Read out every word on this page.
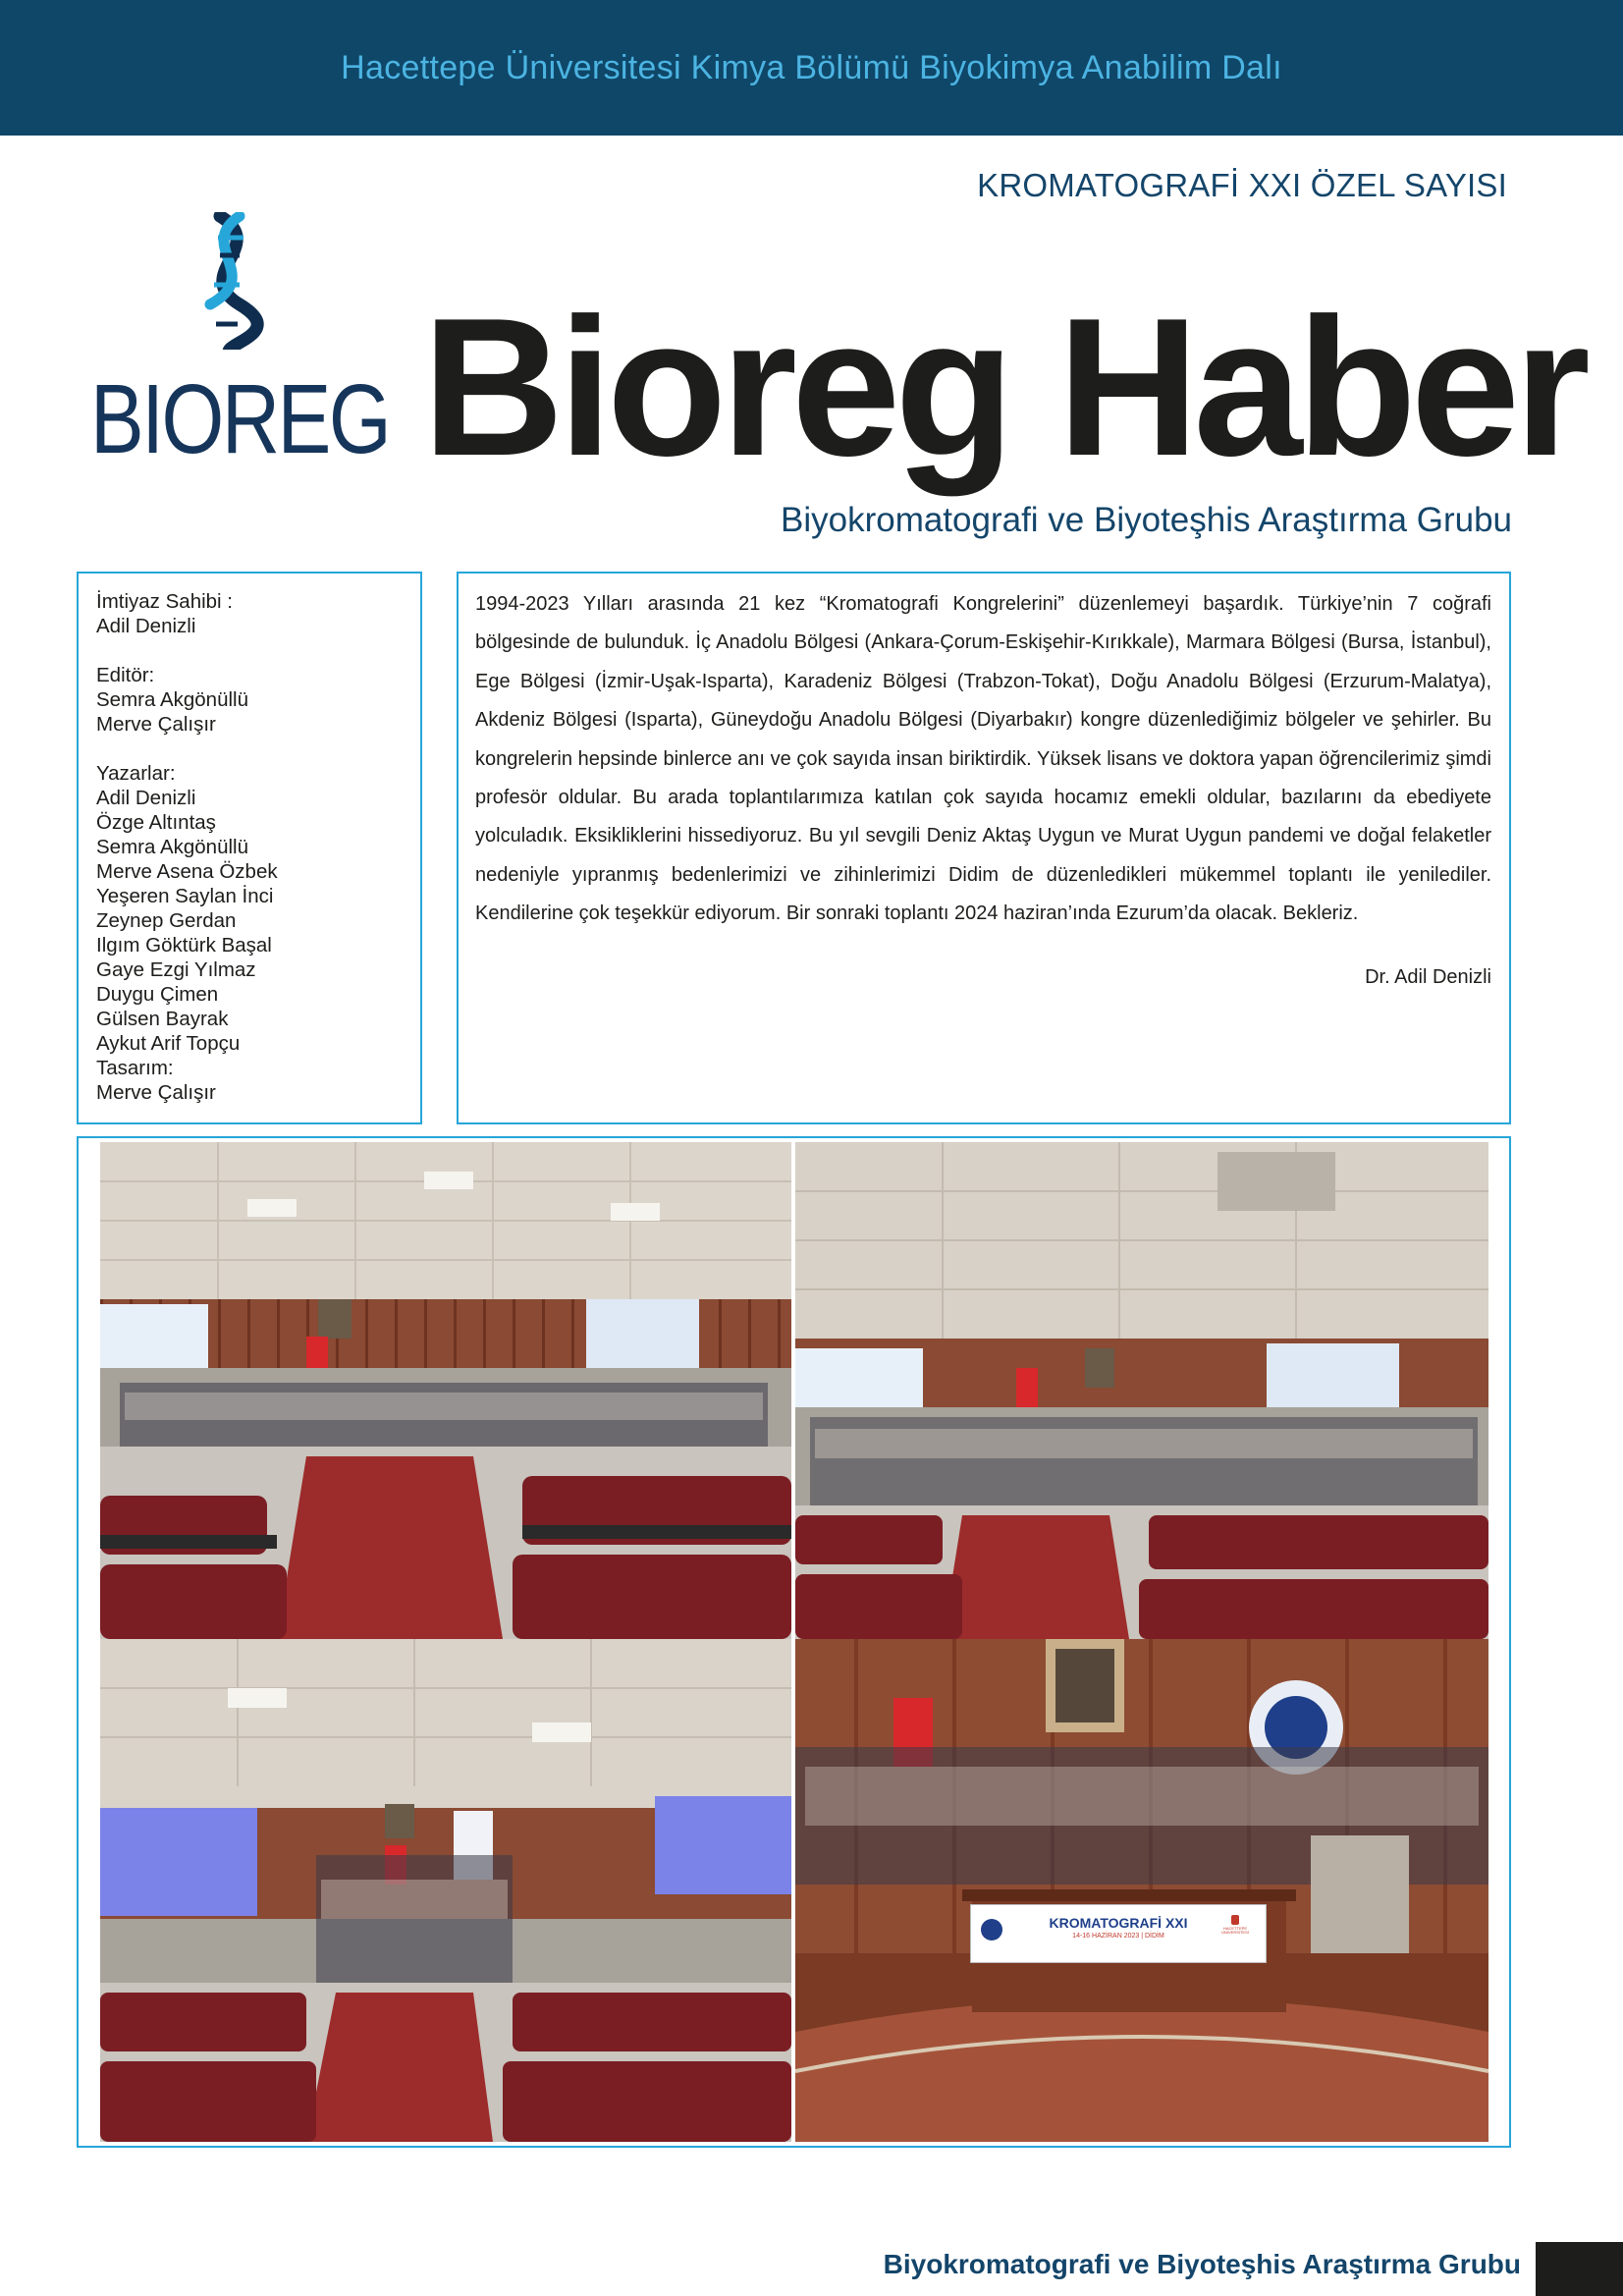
Hacettepe Üniversitesi Kimya Bölümü Biyokimya Anabilim Dalı
KROMATOGRAFİ XXI ÖZEL SAYISI
BIOREG Bioreg Haber
Biyokromatografi ve Biyoteşhis Araştırma Grubu
İmtiyaz Sahibi :
Adil Denizli
Editör:
Semra Akgönüllü
Merve Çalışır
Yazarlar:
Adil Denizli
Özge Altıntaş
Semra Akgönüllü
Merve Asena Özbek
Yeşeren Saylan İnci
Zeynep Gerdan
Ilgım Göktürk Başal
Gaye Ezgi Yılmaz
Duygu Çimen
Gülsen Bayrak
Aykut Arif Topçu
Tasarım:
Merve Çalışır

1994-2023 Yılları arasında 21 kez “Kromatografi Kongrelerini” düzenlemeyi başardık. Türkiye’nin 7 coğrafi bölgesinde de bulunduk. İç Anadolu Bölgesi (Ankara-Çorum-Eskişehir-Kırıkkale), Marmara Bölgesi (Bursa, İstanbul), Ege Bölgesi (İzmir-Uşak-Isparta), Karadeniz Bölgesi (Trabzon-Tokat), Doğu Anadolu Bölgesi (Erzurum-Malatya), Akdeniz Bölgesi (Isparta), Güneydoğu Anadolu Bölgesi (Diyarbakır) kongre düzenlediğimiz bölgeler ve şehirler. Bu kongrelerin hepsinde binlerce anı ve çok sayıda insan biriktirdik. Yüksek lisans ve doktora yapan öğrencilerimiz şimdi profesör oldular. Bu arada toplantılarımıza katılan çok sayıda hocamız emekli oldular, bazılarını da ebediyete yolculadık. Eksikliklerini hissediyoruz. Bu yıl sevgili Deniz Aktaş Uygun ve Murat Uygun pandemi ve doğal felaketler nedeniyle yıpranmış bedenlerimizi ve zihinlerimizi Didim de düzenledikleri mükemmel toplantı ile yenilediler. Kendilerine çok teşekkür ediyorum. Bir sonraki toplantı 2024 haziran’ında Ezurum’da olacak. Bekleriz.

Dr. Adil Denizli
KROMATOGRAFİ XXI
14-16 HAZİRAN 2023 | DİDİM
HACETTEPE ÜNİVERSİTESİ
Biyokromatografi ve Biyoteşhis Araştırma Grubu
